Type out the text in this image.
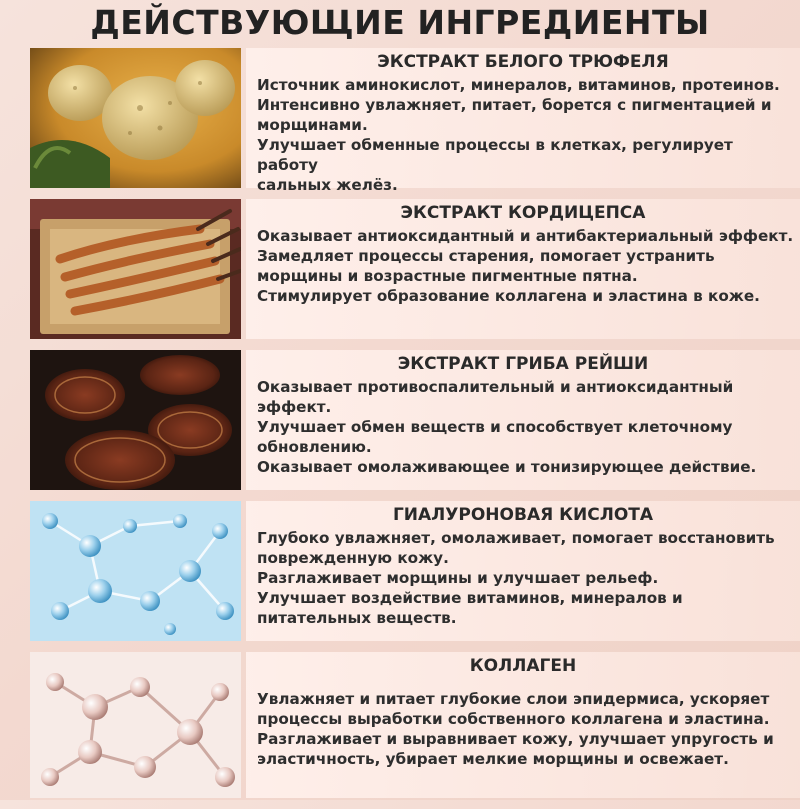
ДЕЙСТВУЮЩИЕ ИНГРЕДИЕНТЫ
ЭКСТРАКТ БЕЛОГО ТРЮФЕЛЯ

Источник аминокислот, минералов, витаминов, протеинов.

Интенсивно увлажняет, питает, борется с пигментацией и

морщинами.

Улучшает обменные процессы в клетках, регулирует работу

сальных желёз.

ЭКСТРАКТ КОРДИЦЕПСА

Оказывает антиоксидантный и антибактериальный эффект.

Замедляет процессы старения, помогает устранить

морщины и возрастные пигментные пятна.

Стимулирует образование коллагена и эластина в коже.

ЭКСТРАКТ ГРИБА РЕЙШИ

Оказывает противоспалительный и антиоксидантный эффект.

Улучшает обмен веществ и способствует клеточному

обновлению.

Оказывает омолаживающее и тонизирующее действие.

ГИАЛУРОНОВАЯ КИСЛОТА

Глубоко увлажняет, омолаживает, помогает восстановить

поврежденную кожу.

Разглаживает морщины и улучшает рельеф.

Улучшает воздействие витаминов, минералов и

питательных веществ.

КОЛЛАГЕН

Увлажняет и питает глубокие слои эпидермиса, ускоряет

процессы выработки собственного коллагена и эластина.

Разглаживает и выравнивает кожу, улучшает упругость и

эластичность, убирает мелкие морщины и освежает.
